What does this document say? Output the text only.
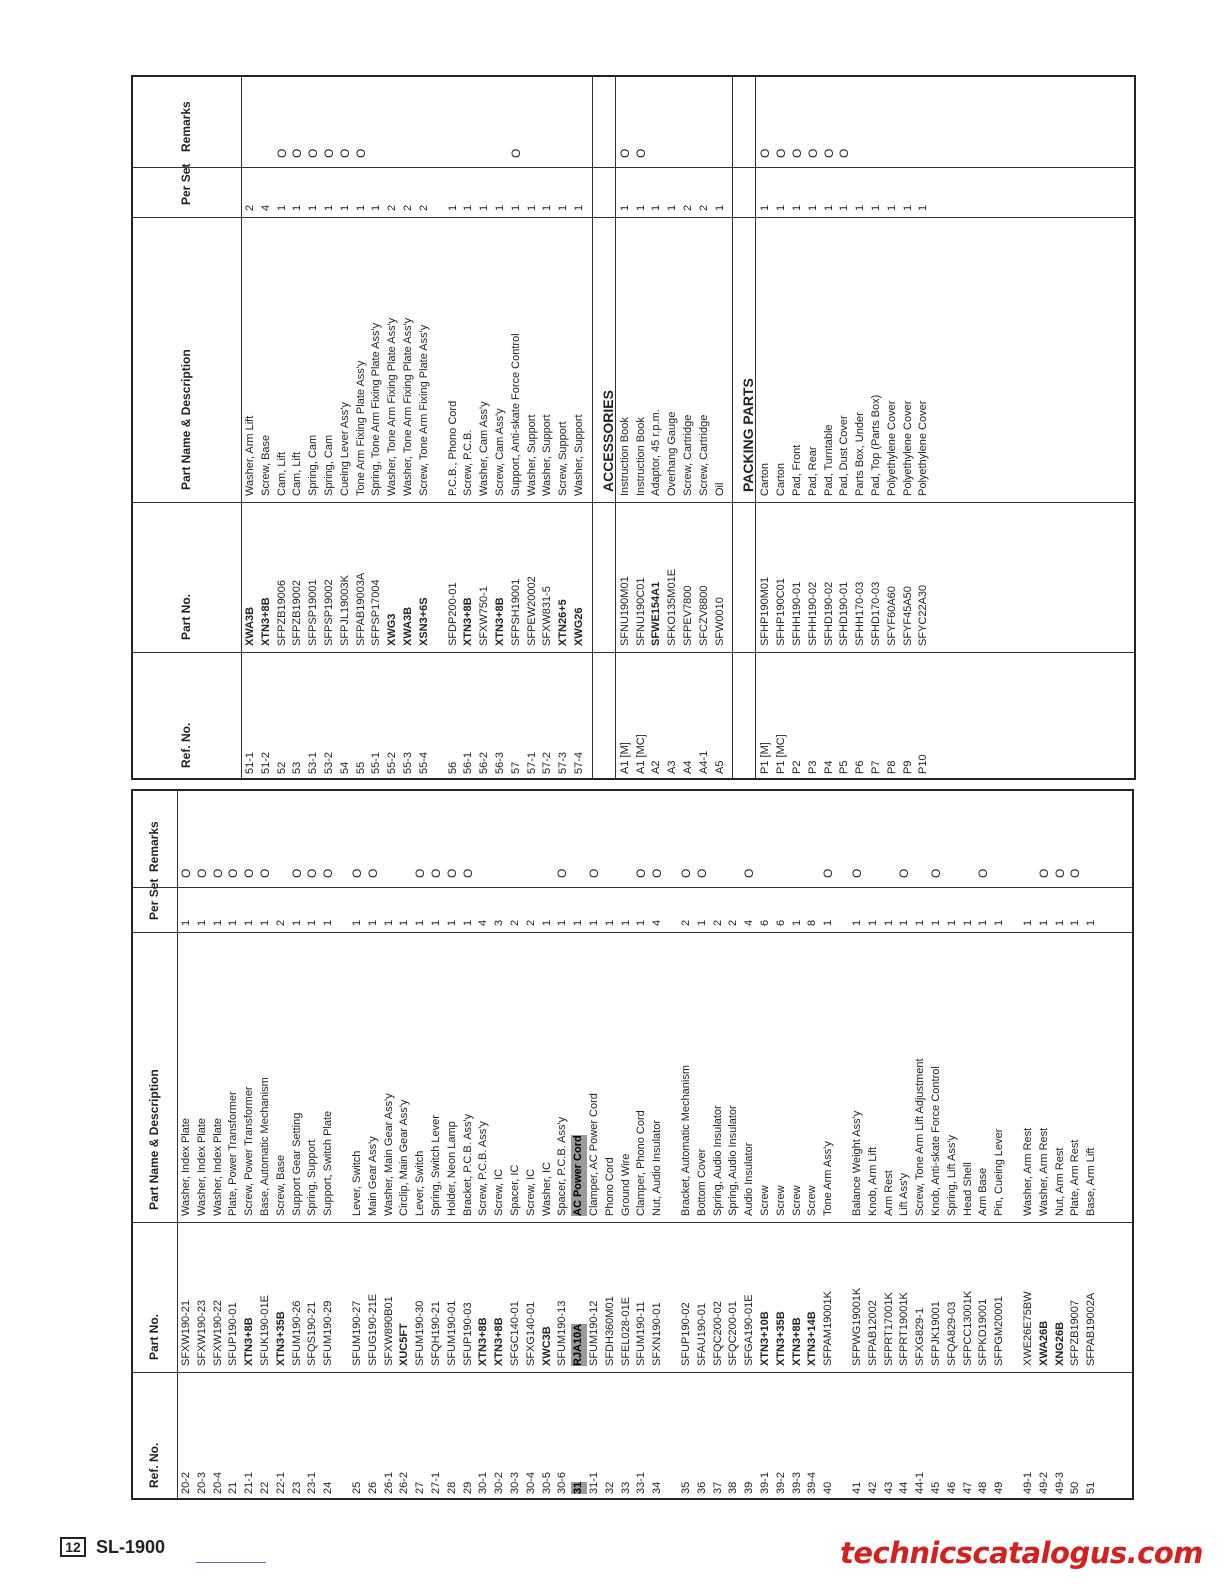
Ref. No.
Part No.
Part Name & Description
Per Set
Remarks
20-2
SFXW190-21
Washer, Index Plate
1
O
20-3
SFXW190-23
Washer, Index Plate
1
O
20-4
SFXW190-22
Washer, Index Plate
1
O
21
SFUP190-01
Plate, Power Transformer
1
O
21-1
XTN3+8B
Screw, Power Transformer
1
O
22
SFUK190-01E
Base, Automatic Mechanism
1
O
22-1
XTN3+35B
Screw, Base
2
23
SFUM190-26
Support Gear Setting
1
O
23-1
SFQS190-21
Spring, Support
1
O
24
SFUM190-29
Support, Switch Plate
1
O
25
SFUM190-27
Lever, Switch
1
O
26
SFUG190-21E
Main Gear Ass'y
1
O
26-1
SFXW890B01
Washer, Main Gear Ass'y
1
26-2
XUC5FT
Circlip, Main Gear Ass'y
1
27
SFUM190-30
Lever, Switch
1
O
27-1
SFQH190-21
Spring, Switch Lever
1
O
28
SFUM190-01
Holder, Neon Lamp
1
O
29
SFUP190-03
Bracket, P.C.B. Ass'y
1
O
30-1
XTN3+8B
Screw, P.C.B. Ass'y
4
30-2
XTN3+8B
Screw, IC
3
30-3
SFGC140-01
Spacer, IC
2
30-4
SFXG140-01
Screw, IC
2
30-5
XWC3B
Washer, IC
1
30-6
SFUM190-13
Spacer, P.C.B. Ass'y
1
O
31
RJA10A
AC Power Cord
1
31-1
SFUM190-12
Clamper, AC Power Cord
1
O
32
SFDH360M01
Phono Cord
1
33
SFEL028-01E
Ground Wire
1
33-1
SFUM190-11
Clamper, Phono Cord
1
O
34
SFXN190-01
Nut, Audio Insulator
4
O
35
SFUP190-02
Bracket, Automatic Mechanism
2
O
36
SFAU190-01
Bottom Cover
1
O
37
SFQC200-02
Spring, Audio Insulator
2
38
SFQC200-01
Spring, Audio Insulator
2
39
SFGA190-01E
Audio Insulator
4
O
39-1
XTN3+10B
Screw
6
39-2
XTN3+35B
Screw
6
39-3
XTN3+8B
Screw
1
39-4
XTN3+14B
Screw
8
40
SFPAM19001K
Tone Arm Ass'y
1
O
41
SFPWG19001K
Balance Weight Ass'y
1
O
42
SFPAB12002
Knob, Arm Lift
1
43
SFPRT17001K
Arm Rest
1
44
SFPRT19001K
Lift Ass'y
1
O
44-1
SFXG829-1
Screw, Tone Arm Lift Adjustment
1
45
SFPJK19001
Knob, Anti-skate Force Control
1
O
46
SFQA829-03
Spring, Lift Ass'y
1
47
SFPCC13001K
Head Shell
1
48
SFPKD19001
Arm Base
1
O
49
SFPGM20001
Pin, Cueing Lever
1
49-1
XWE26E75BW
Washer, Arm Rest
1
49-2
XWA26B
Washer, Arm Rest
1
O
49-3
XNG26B
Nut, Arm Rest
1
O
50
SFPZB19007
Plate, Arm Rest
1
O
51
SFPAB19002A
Base, Arm Lift
1
Ref. No.
Part No.
Part Name & Description
Per Set
Remarks
51-1
XWA3B
Washer, Arm Lift
2
51-2
XTN3+8B
Screw, Base
4
52
SFPZB19006
Cam, Lift
1
O
53
SFPZB19002
Cam, Lift
1
O
53-1
SFPSP19001
Spring, Cam
1
O
53-2
SFPSP19002
Spring, Cam
1
O
54
SFPJL19003K
Cueing Lever Ass'y
1
O
55
SFPAB19003A
Tone Arm Fixing Plate Ass'y
1
O
55-1
SFPSP17004
Spring, Tone Arm Fixing Plate Ass'y
1
55-2
XWG3
Washer, Tone Arm Fixing Plate Ass'y
2
55-3
XWA3B
Washer, Tone Arm Fixing Plate Ass'y
2
55-4
XSN3+6S
Screw, Tone Arm Fixing Plate Ass'y
2
56
SFDP200-01
P.C.B., Phono Cord
1
56-1
XTN3+8B
Screw, P.C.B.
1
56-2
SFXW750-1
Washer, Cam Ass'y
1
56-3
XTN3+8B
Screw, Cam Ass'y
1
57
SFPSH19001
Support, Anti-skate Force Control
1
O
57-1
SFPEW20002
Washer, Support
1
57-2
SFXW831-5
Washer, Support
1
57-3
XTN26+5
Screw, Support
1
57-4
XWG26
Washer, Support
1
ACCESSORIES
A1 [M]
SFNU190M01
Instruction Book
1
O
A1 [MC]
SFNU190C01
Instruction Book
1
O
A2
SFWE154A1
Adaptor, 45 r.p.m.
1
A3
SFKO135M01E
Overhang Gauge
1
A4
SFPEV7800
Screw, Cartridge
2
A4-1
SFCZV8800
Screw, Cartridge
2
A5
SFW0010
Oil
1
PACKING PARTS
P1 [M]
SFHP190M01
Carton
1
O
P1 [MC]
SFHP190C01
Carton
1
O
P2
SFHH190-01
Pad, Front
1
O
P3
SFHH190-02
Pad, Rear
1
O
P4
SFHD190-02
Pad, Turntable
1
O
P5
SFHD190-01
Pad, Dust Cover
1
O
P6
SFHH170-03
Parts Box, Under
1
P7
SFHD170-03
Pad, Top (Parts Box)
1
P8
SFYF60A60
Polyethylene Cover
1
P9
SFYF45A50
Polyethylene Cover
1
P10
SFYC22A30
Polyethylene Cover
1
12 SL-1900	technicscatalogus.com
